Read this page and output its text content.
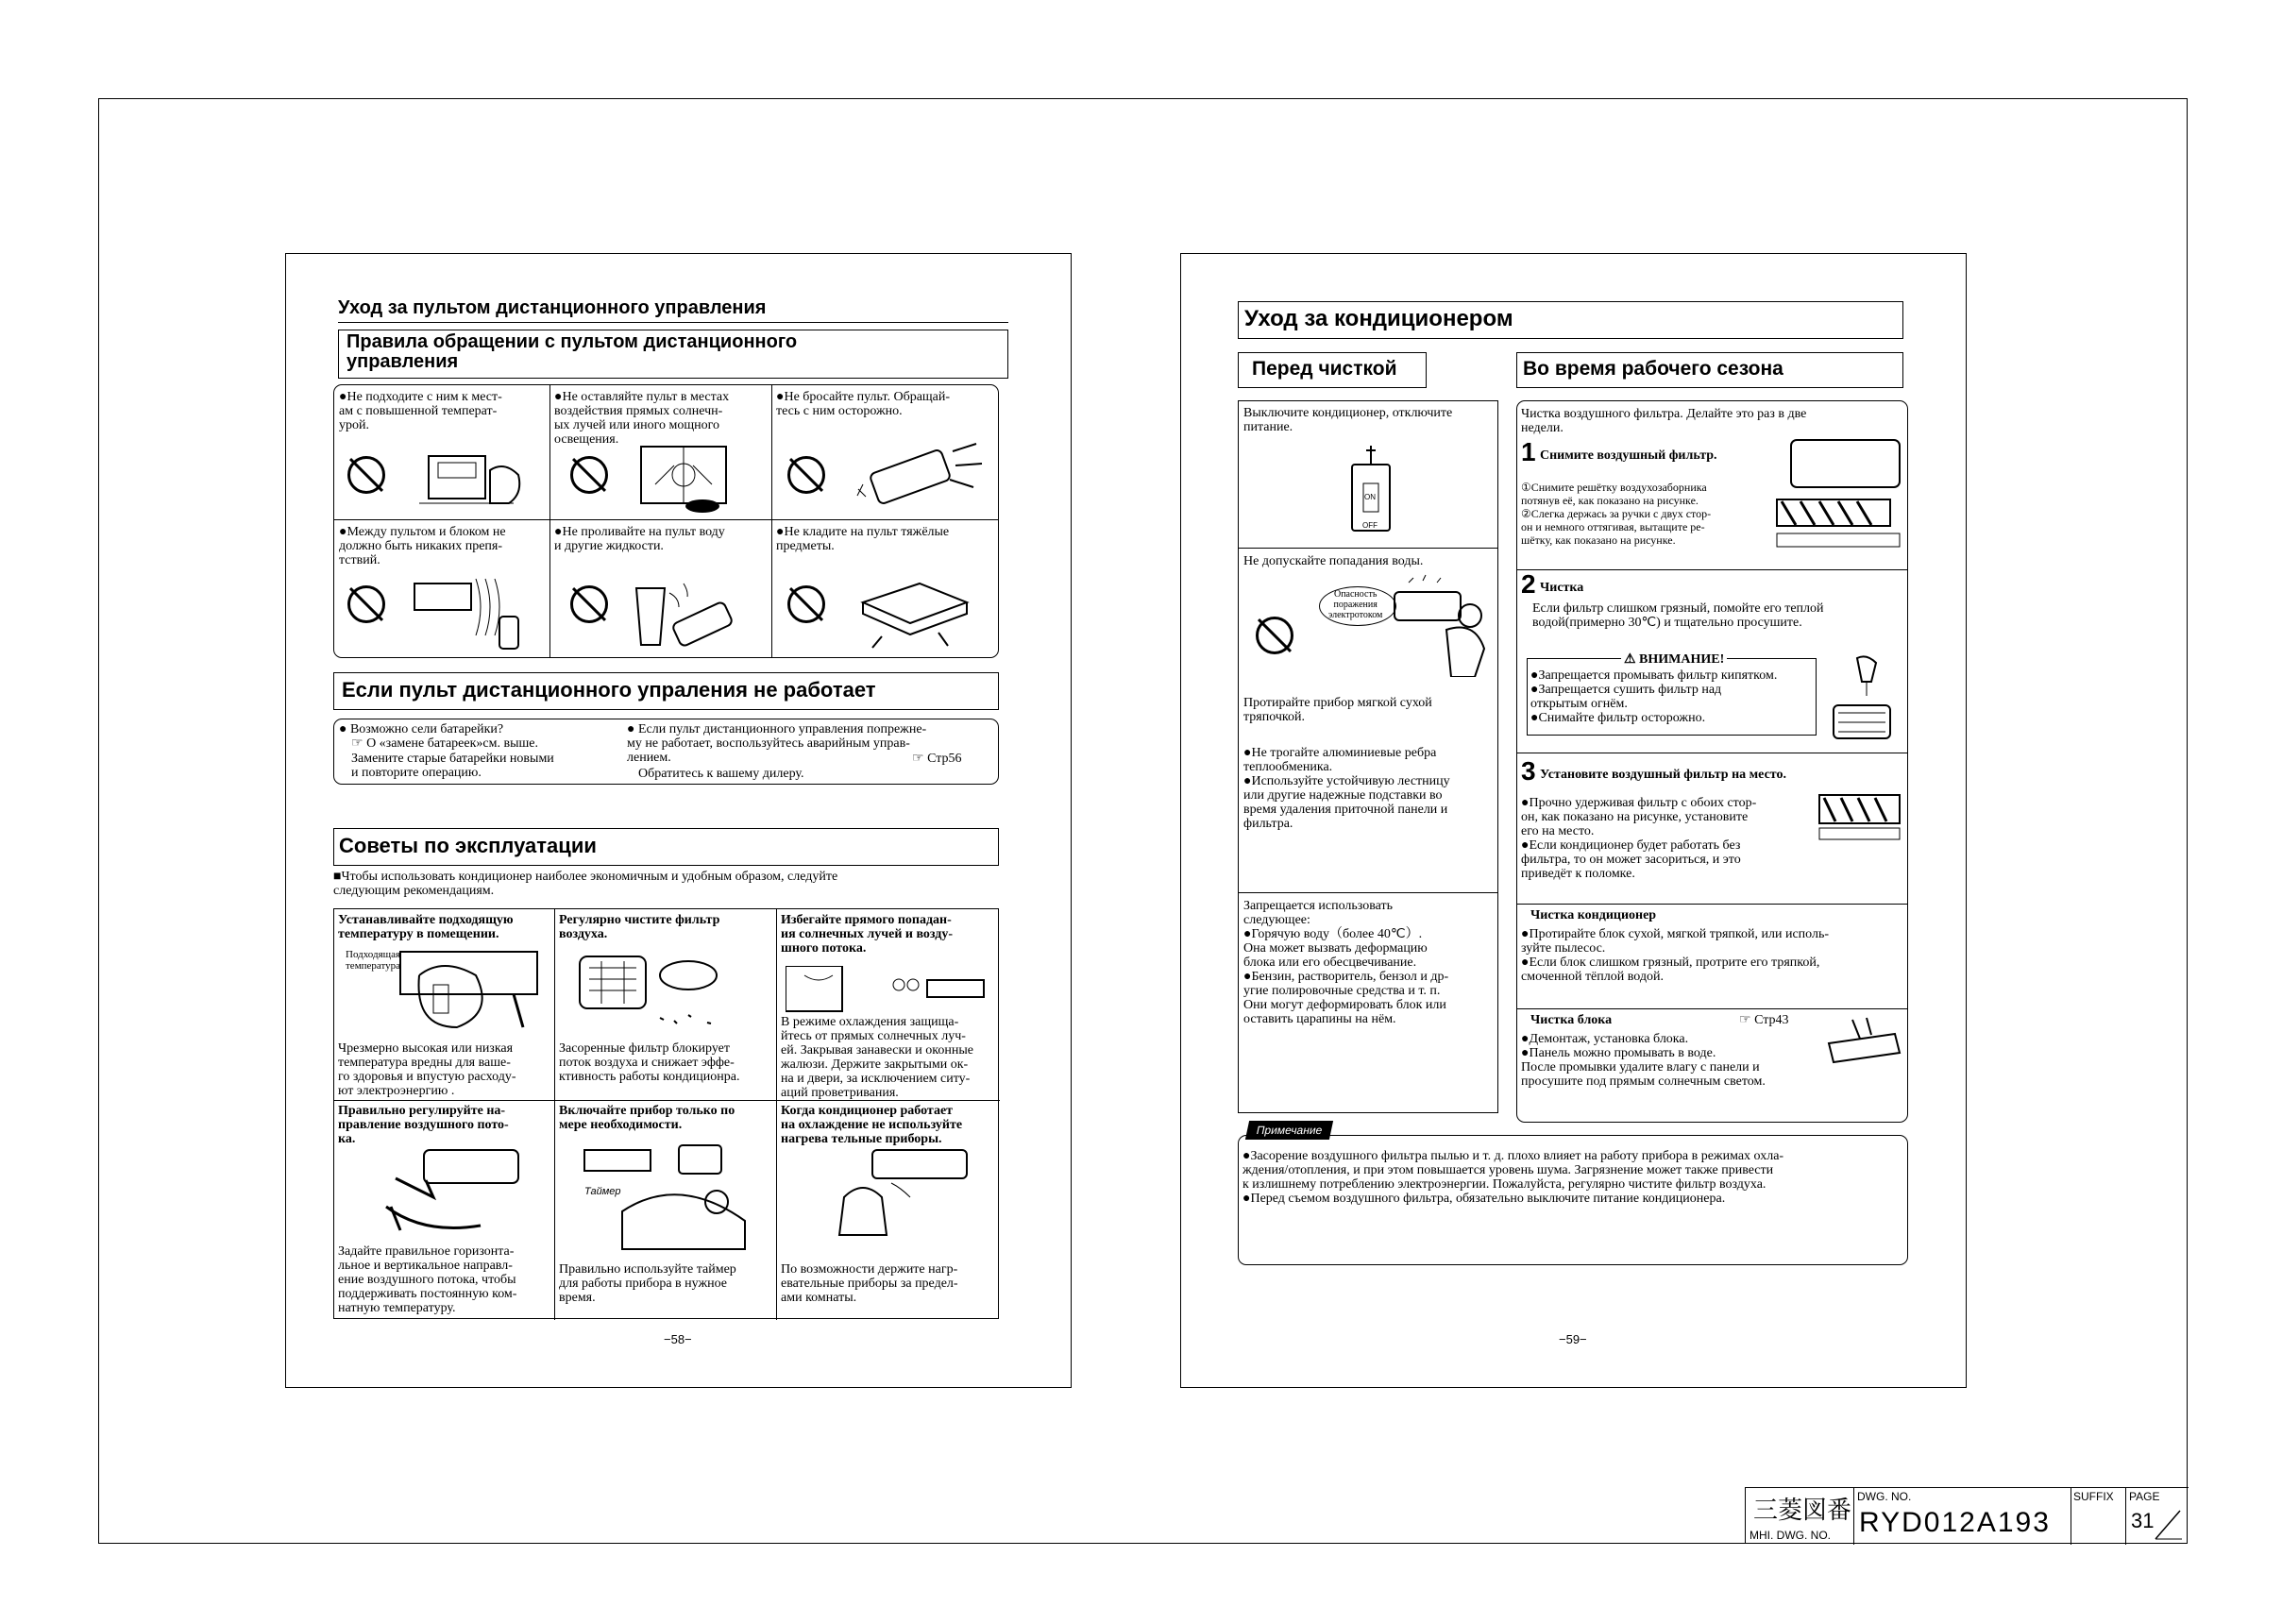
Уход за пультом дистанционного управления
Правила обращении с пультом дистанционного
управления
●Не подходите с ним к мест-
ам с повышенной температ-
урой.
●Не оставляйте пульт в местах
воздействия прямых солнечн-
ых лучей или иного мощного
освещения.
●Не бросайте пульт. Обращай-
тесь с ним осторожно.
●Между пультом и блоком не
должно быть никаких препя-
тствий.
●Не проливайте на пульт воду
и другие жидкости.
●Не кладите на пульт тяжёлые
предметы.
Если пульт дистанционного упраления не работает
● Возможно сели батарейки?
☞ О «замене батареек»см. выше.
Замените старые батарейки новыми
и повторите операцию.
● Если пульт дистанционного управления попрежне-
му не работает, воспользуйтесь аварийным управ-
лением.	☞ Стр56
Обратитесь к вашему дилеру.
Советы по эксплуатации
■Чтобы использовать кондиционер наиболее экономичным и удобным образом, следуйте
следующим рекомендациям.
Устанавливайте подходящую
температуру в помещении.
Подходящая
температура
Чрезмерно высокая или низкая
температура вредны для ваше-
го здоровья и впустую расходу-
ют электроэнергию .
Регулярно чистите фильтр
воздуха.
Засоренные фильтр блокирует
поток воздуха и снижает эффе-
ктивность работы кондиционра.
Избегайте прямого попадан-
ия солнечных лучей и возду-
шного потока.
В режиме охлаждения защища-
йтесь от прямых солнечных луч-
ей. Закрывая занавески и оконные
жалюзи. Держите закрытыми ок-
на и двери, за исключением ситу-
аций проветривания.
Правильно регулируйте на-
правление воздушного пото-
ка.
Задайте правильное горизонта-
льное и вертикальное направл-
ение воздушного потока, чтобы
поддерживать постоянную ком-
натную температуру.
Включайте прибор только по
мере необходимости.
Таймер
Правильно используйте таймер
для работы прибора в нужное
время.
Когда кондиционер работает
на охлаждение не используйте
нагрева тельные приборы.
По возможности держите нагр-
евательные приборы за предел-
ами комнаты.
−58−
Уход за кондиционером
Перед чисткой	Во время рабочего сезона
Выключите кондиционер, отключите
питание.
ON
OFF
Не допускайте попадания воды.
Опасность
поражения
электротоком
Протирайте прибор мягкой сухой
тряпочкой.
●Не трогайте алюминиевые ребра
теплообменика.
●Используйте устойчивую лестницу
или другие надежные подставки во
время удаления приточной панели и
фильтра.
Запрещается использовать
следующее:
●Горячую воду（более 40℃）.
Она может вызвать деформацию
блока или его обесцвечивание.
●Бензин, растворитель, бензол и др-
угие полировочные средства и т. п.
Они могут деформировать блок или
оставить царапины на нём.
Чистка воздушного фильтра. Делайте это раз в две
недели.
1 Снимите воздушный фильтр.
①Снимите решётку воздухозаборника
потянув её, как показано на рисунке.
②Слегка держась за ручки с двух стор-
он и немного оттягивая, вытащите ре-
шётку, как показано на рисунке.
2 Чистка
Если фильтр слишком грязный, помойте его теплой
водой(примерно 30℃) и тщательно просушите.
⚠ ВНИМАНИЕ!
●Запрещается промывать фильтр кипятком.
●Запрещается сушить фильтр над
открытым огнём.
●Снимайте фильтр осторожно.
3 Установите воздушный фильтр на место.
●Прочно удерживая фильтр с обоих стор-
он, как показано на рисунке, установите
его на место.
●Если кондиционер будет работать без
фильтра, то он может засориться, и это
приведёт к поломке.
Чистка кондиционер
●Протирайте блок сухой, мягкой тряпкой, или исполь-
зуйте пылесос.
●Если блок слишком грязный, протрите его тряпкой,
смоченной тёплой водой.
Чистка блока	☞ Стр43
●Демонтаж, установка блока.
●Панель можно промывать в воде.
После промывки удалите влагу с панели и
просушите под прямым солнечным светом.
Примечание
●Засорение воздушного фильтра пылью и т. д. плохо влияет на работу прибора в режимах охла-
ждения/отопления, и при этом повышается уровень шума. Загрязнение может также привести
к излишнему потреблению электроэнергии. Пожалуйста, регулярно чистите фильтр воздуха.
●Перед съемом воздушного фильтра, обязательно выключите питание кондиционера.
−59−
三菱図番
MHI. DWG. NO.
DWG. NO.
RYD012A193
SUFFIX PAGE
31
